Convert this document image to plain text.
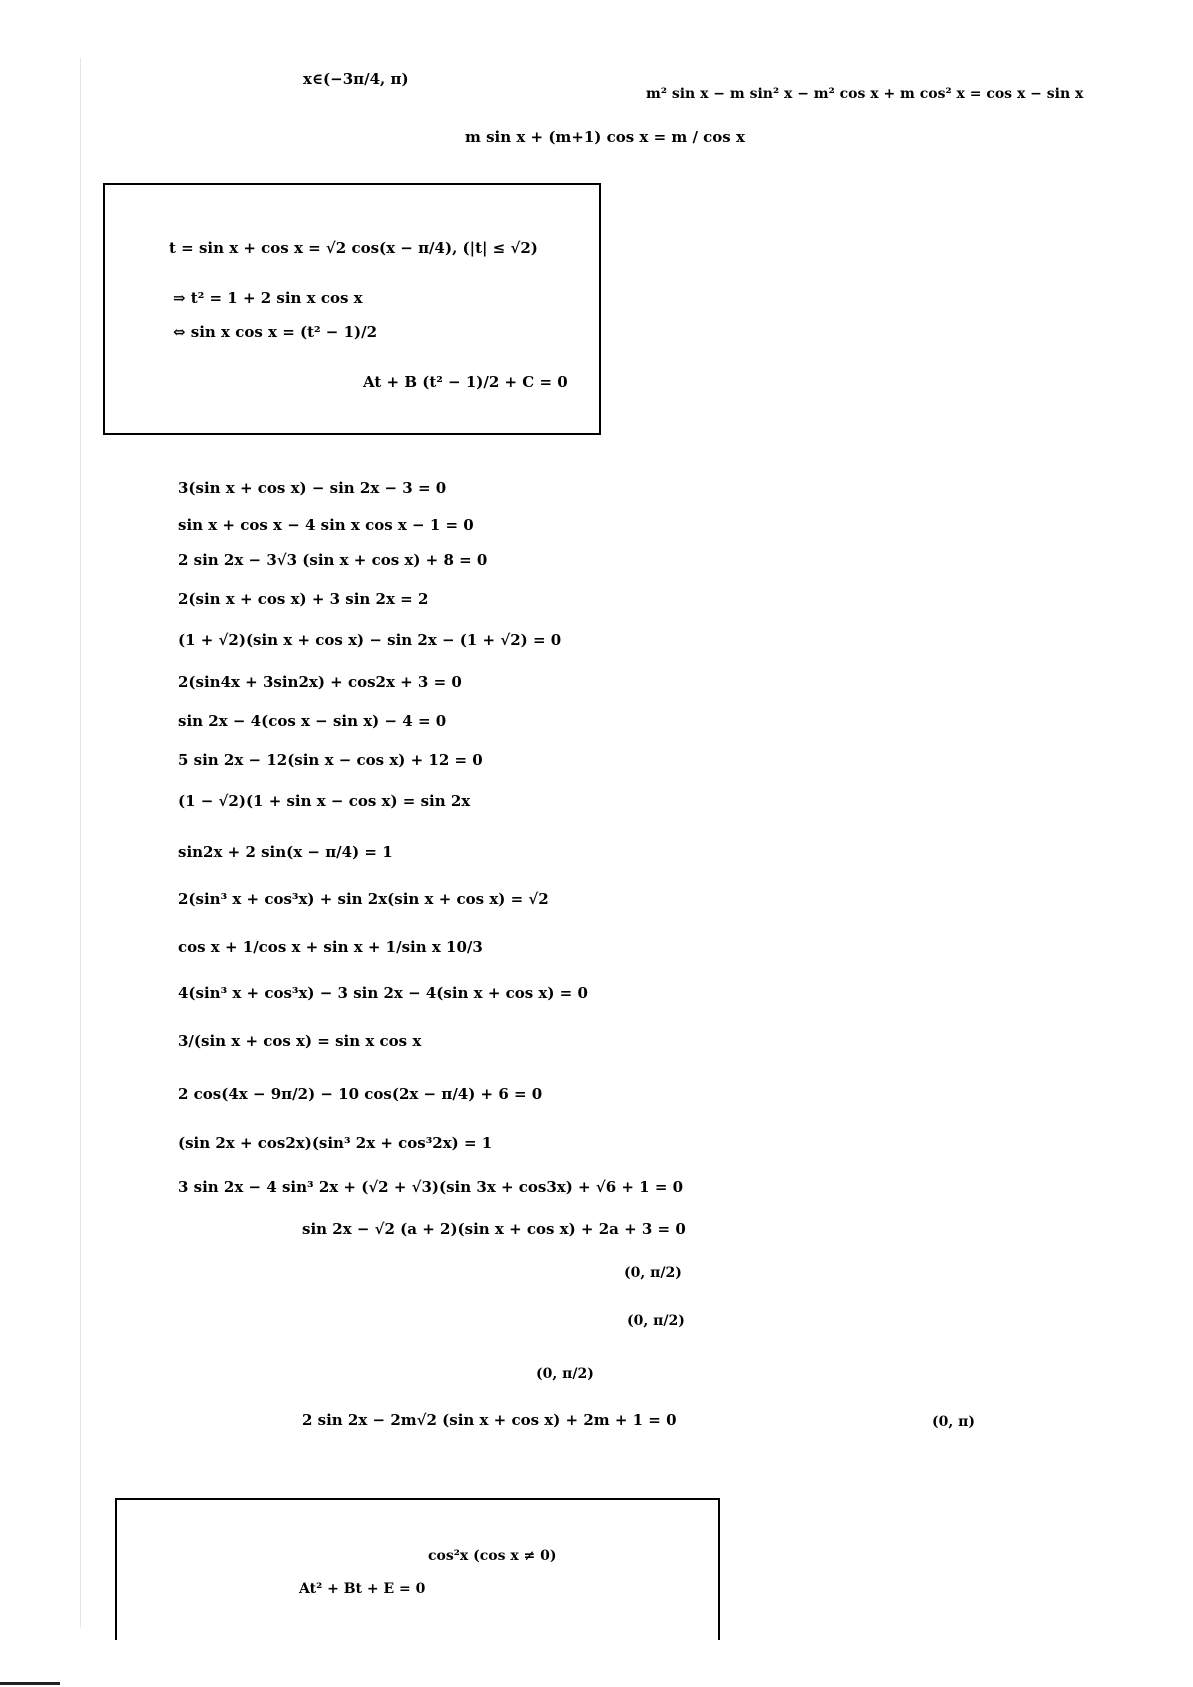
x∈(−3π/4, π)
m² sin x − m sin² x − m² cos x + m cos² x = cos x − sin x
m sin x + (m+1) cos x = m / cos x
t = sin x + cos x = √2 cos(x − π/4), (|t| ≤ √2)
⇒ t² = 1 + 2 sin x cos x
⇔ sin x cos x = (t² − 1)/2
At + B (t² − 1)/2 + C = 0
3(sin x + cos x) − sin 2x − 3 = 0
sin x + cos x − 4 sin x cos x − 1 = 0
2 sin 2x − 3√3 (sin x + cos x) + 8 = 0
2(sin x + cos x) + 3 sin 2x = 2
(1 + √2)(sin x + cos x) − sin 2x − (1 + √2) = 0
2(sin4x + 3sin2x) + cos2x + 3 = 0
sin 2x − 4(cos x − sin x) − 4 = 0
5 sin 2x − 12(sin x − cos x) + 12 = 0
(1 − √2)(1 + sin x − cos x) = sin 2x
sin2x + 2 sin(x − π/4) = 1
2(sin³ x + cos³x) + sin 2x(sin x + cos x) = √2
cos x + 1/cos x + sin x + 1/sin x 10/3
4(sin³ x + cos³x) − 3 sin 2x − 4(sin x + cos x) = 0
3/(sin x + cos x) = sin x cos x
2 cos(4x − 9π/2) − 10 cos(2x − π/4) + 6 = 0
(sin 2x + cos2x)(sin³ 2x + cos³2x) = 1
3 sin 2x − 4 sin³ 2x + (√2 + √3)(sin 3x + cos3x) + √6 + 1 = 0
sin 2x − √2 (a + 2)(sin x + cos x) + 2a + 3 = 0
(0, π/2)
(0, π/2)
(0, π/2)
2 sin 2x − 2m√2 (sin x + cos x) + 2m + 1 = 0	(0, π)
cos²x (cos x ≠ 0)
At² + Bt + E = 0
